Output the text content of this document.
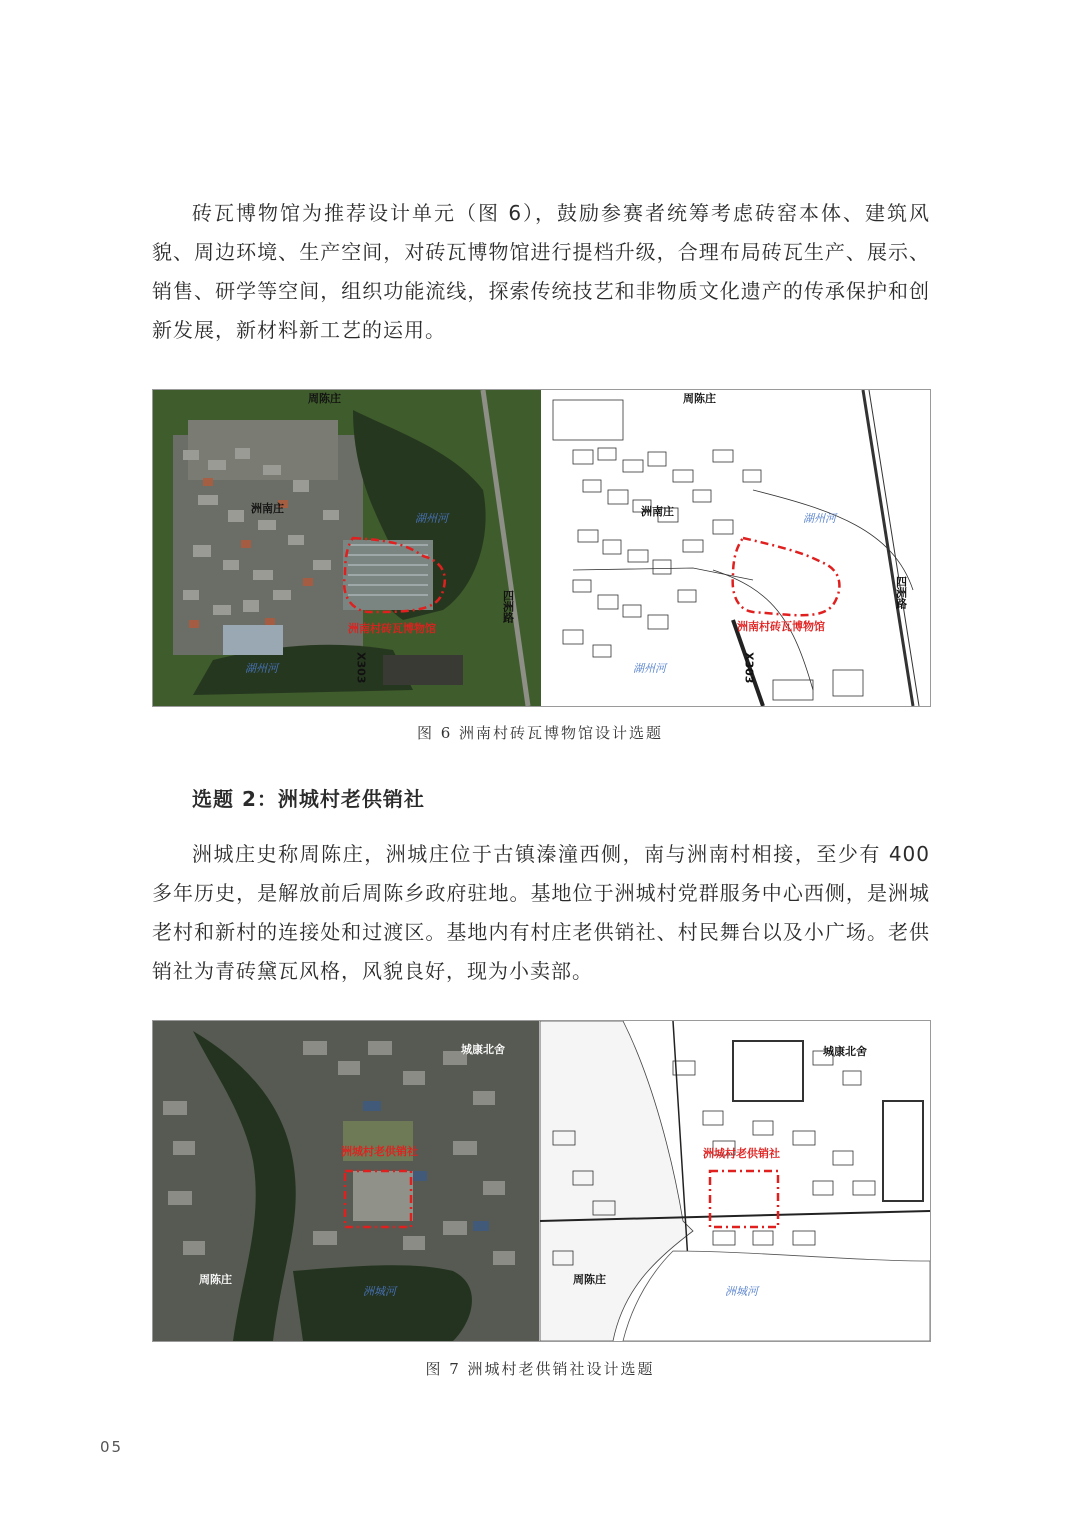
砖瓦博物馆为推荐设计单元（图 6），鼓励参赛者统筹考虑砖窑本体、建筑风貌、周边环境、生产空间，对砖瓦博物馆进行提档升级，合理布局砖瓦生产、展示、销售、研学等空间，组织功能流线，探索传统技艺和非物质文化遗产的传承保护和创新发展，新材料新工艺的运用。

周陈庄
洲南庄
湖州河
湖州河
洲南村砖瓦博物馆
四洲路
X303
周陈庄
洲南庄
湖州河
湖州河
洲南村砖瓦博物馆
四洲路
X303
图 6 洲南村砖瓦博物馆设计选题
选题 2：洲城村老供销社

洲城庄史称周陈庄，洲城庄位于古镇溱潼西侧，南与洲南村相接，至少有 400 多年历史，是解放前后周陈乡政府驻地。基地位于洲城村党群服务中心西侧，是洲城老村和新村的连接处和过渡区。基地内有村庄老供销社、村民舞台以及小广场。老供销社为青砖黛瓦风格，风貌良好，现为小卖部。

城康北舍
洲城村老供销社
周陈庄
洲城河
城康北舍
洲城村老供销社
周陈庄
洲城河
图 7 洲城村老供销社设计选题
05
